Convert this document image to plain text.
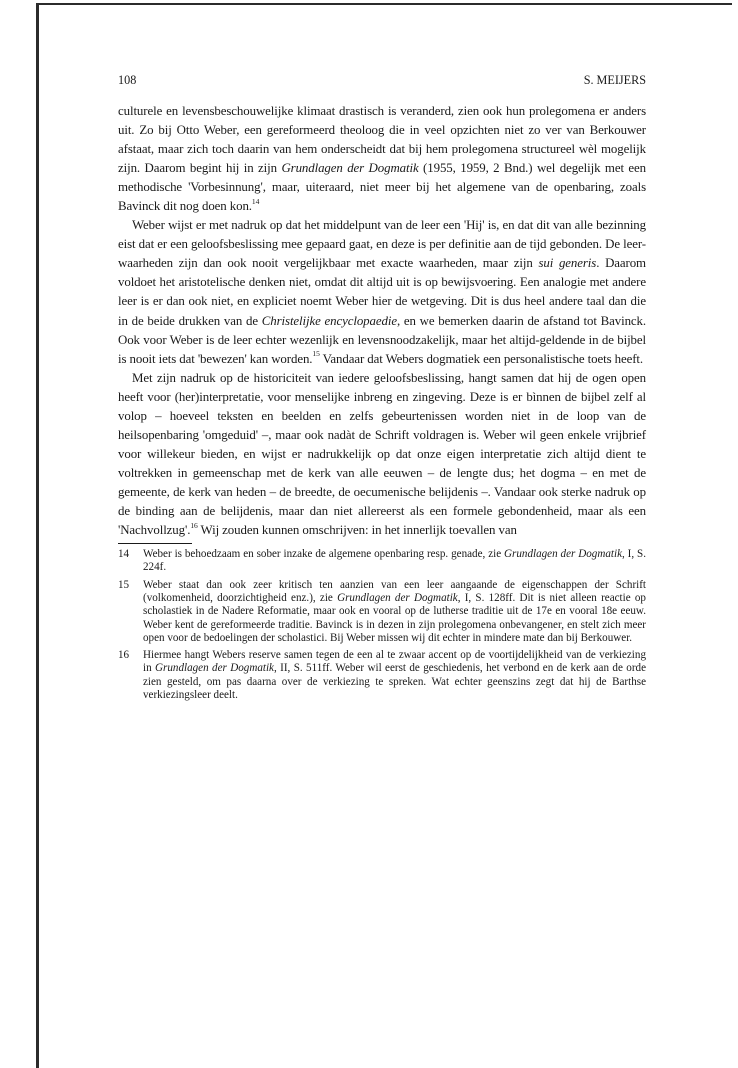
108	S. MEIJERS

culturele en levensbeschouwelijke klimaat drastisch is veranderd, zien ook hun prolegomena er anders uit. Zo bij Otto Weber, een gereformeerd theoloog die in veel opzichten niet zo ver van Berkouwer afstaat, maar zich toch daarin van hem onderscheidt dat bij hem prolegomena structureel wèl mogelijk zijn. Daarom begint hij in zijn Grundlagen der Dogmatik (1955, 1959, 2 Bnd.) wel degelijk met een methodische 'Vorbesinnung', maar, uiteraard, niet meer bij het algemene van de openbaring, zoals Bavinck dit nog doen kon.$^{14}$

Weber wijst er met nadruk op dat het middelpunt van de leer een 'Hij' is, en dat dit van alle bezinning eist dat er een geloofsbeslissing mee gepaard gaat, en deze is per definitie aan de tijd gebonden. De leer-waarheden zijn dan ook nooit vergelijkbaar met exacte waarheden, maar zijn sui generis. Daarom voldoet het aristotelische denken niet, omdat dit altijd uit is op bewijsvoering. Een analogie met andere leer is er dan ook niet, en expliciet noemt Weber hier de wetgeving. Dit is dus heel andere taal dan die in de beide drukken van de Christelijke encyclopaedie, en we bemerken daarin de afstand tot Bavinck. Ook voor Weber is de leer echter wezenlijk en levensnoodzakelijk, maar het altijd-geldende in de bijbel is nooit iets dat 'bewezen' kan worden.$^{15}$ Vandaar dat Webers dogmatiek een personalistische toets heeft.

Met zijn nadruk op de historiciteit van iedere geloofsbeslissing, hangt samen dat hij de ogen open heeft voor (her)interpretatie, voor menselijke inbreng en zingeving. Deze is er bìnnen de bijbel zelf al volop – hoeveel teksten en beelden en zelfs gebeurtenissen worden niet in de loop van de heilsopenbaring 'omgeduid' –, maar ook nadàt de Schrift voldragen is. Weber wil geen enkele vrijbrief voor willekeur bieden, en wijst er nadrukkelijk op dat onze eigen interpretatie zich altijd dient te voltrekken in gemeenschap met de kerk van alle eeuwen – de lengte dus; het dogma – en met de gemeente, de kerk van heden – de breedte, de oecumenische belijdenis –. Vandaar ook sterke nadruk op de binding aan de belijdenis, maar dan niet allereerst als een formele gebondenheid, maar als een 'Nachvollzug'.$^{16}$ Wij zouden kunnen omschrijven: in het innerlijk toevallen van

14	Weber is behoedzaam en sober inzake de algemene openbaring resp. genade, zie Grundlagen der Dogmatik, I, S. 224f.
15	Weber staat dan ook zeer kritisch ten aanzien van een leer aangaande de eigenschappen der Schrift (volkomenheid, doorzichtigheid enz.), zie Grundlagen der Dogmatik, I, S. 128ff. Dit is niet alleen reactie op scholastiek in de Nadere Reformatie, maar ook en vooral op de lutherse traditie uit de 17e en vooral 18e eeuw. Weber kent de gereformeerde traditie. Bavinck is in dezen in zijn prolegomena onbevangener, en stelt zich meer open voor de bedoelingen der scholastici. Bij Weber missen wij dit echter in mindere mate dan bij Berkouwer.
16	Hiermee hangt Webers reserve samen tegen de een al te zwaar accent op de voortijdelijkheid van de verkiezing in Grundlagen der Dogmatik, II, S. 511ff. Weber wil eerst de geschiedenis, het verbond en de kerk aan de orde zien gesteld, om pas daarna over de verkiezing te spreken. Wat echter geenszins zegt dat hij de Barthse verkiezingsleer deelt.
